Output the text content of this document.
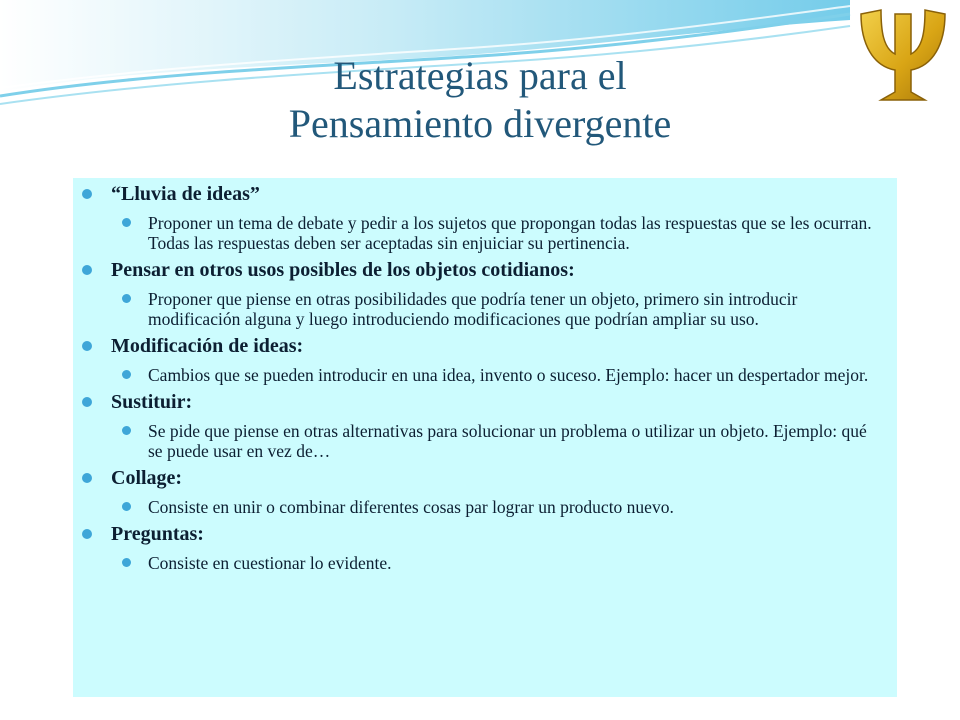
Estrategias para el
Pensamiento divergente
“Lluvia de ideas”
Proponer un tema de debate y pedir a los sujetos que propongan todas las respuestas que se les ocurran. Todas las respuestas deben ser aceptadas sin enjuiciar su pertinencia.
Pensar en otros usos posibles de los objetos cotidianos:
Proponer que piense en otras posibilidades que podría tener un objeto, primero sin introducir modificación alguna y luego introduciendo modificaciones que podrían ampliar su uso.
Modificación de ideas:
Cambios que se pueden introducir en una idea, invento o suceso. Ejemplo: hacer un despertador mejor.
Sustituir:
Se pide que piense en otras alternativas para solucionar un problema o utilizar un objeto. Ejemplo: qué se puede usar en vez de…
Collage:
Consiste en unir o combinar diferentes cosas par lograr un producto nuevo.
Preguntas:
Consiste en cuestionar lo evidente.
